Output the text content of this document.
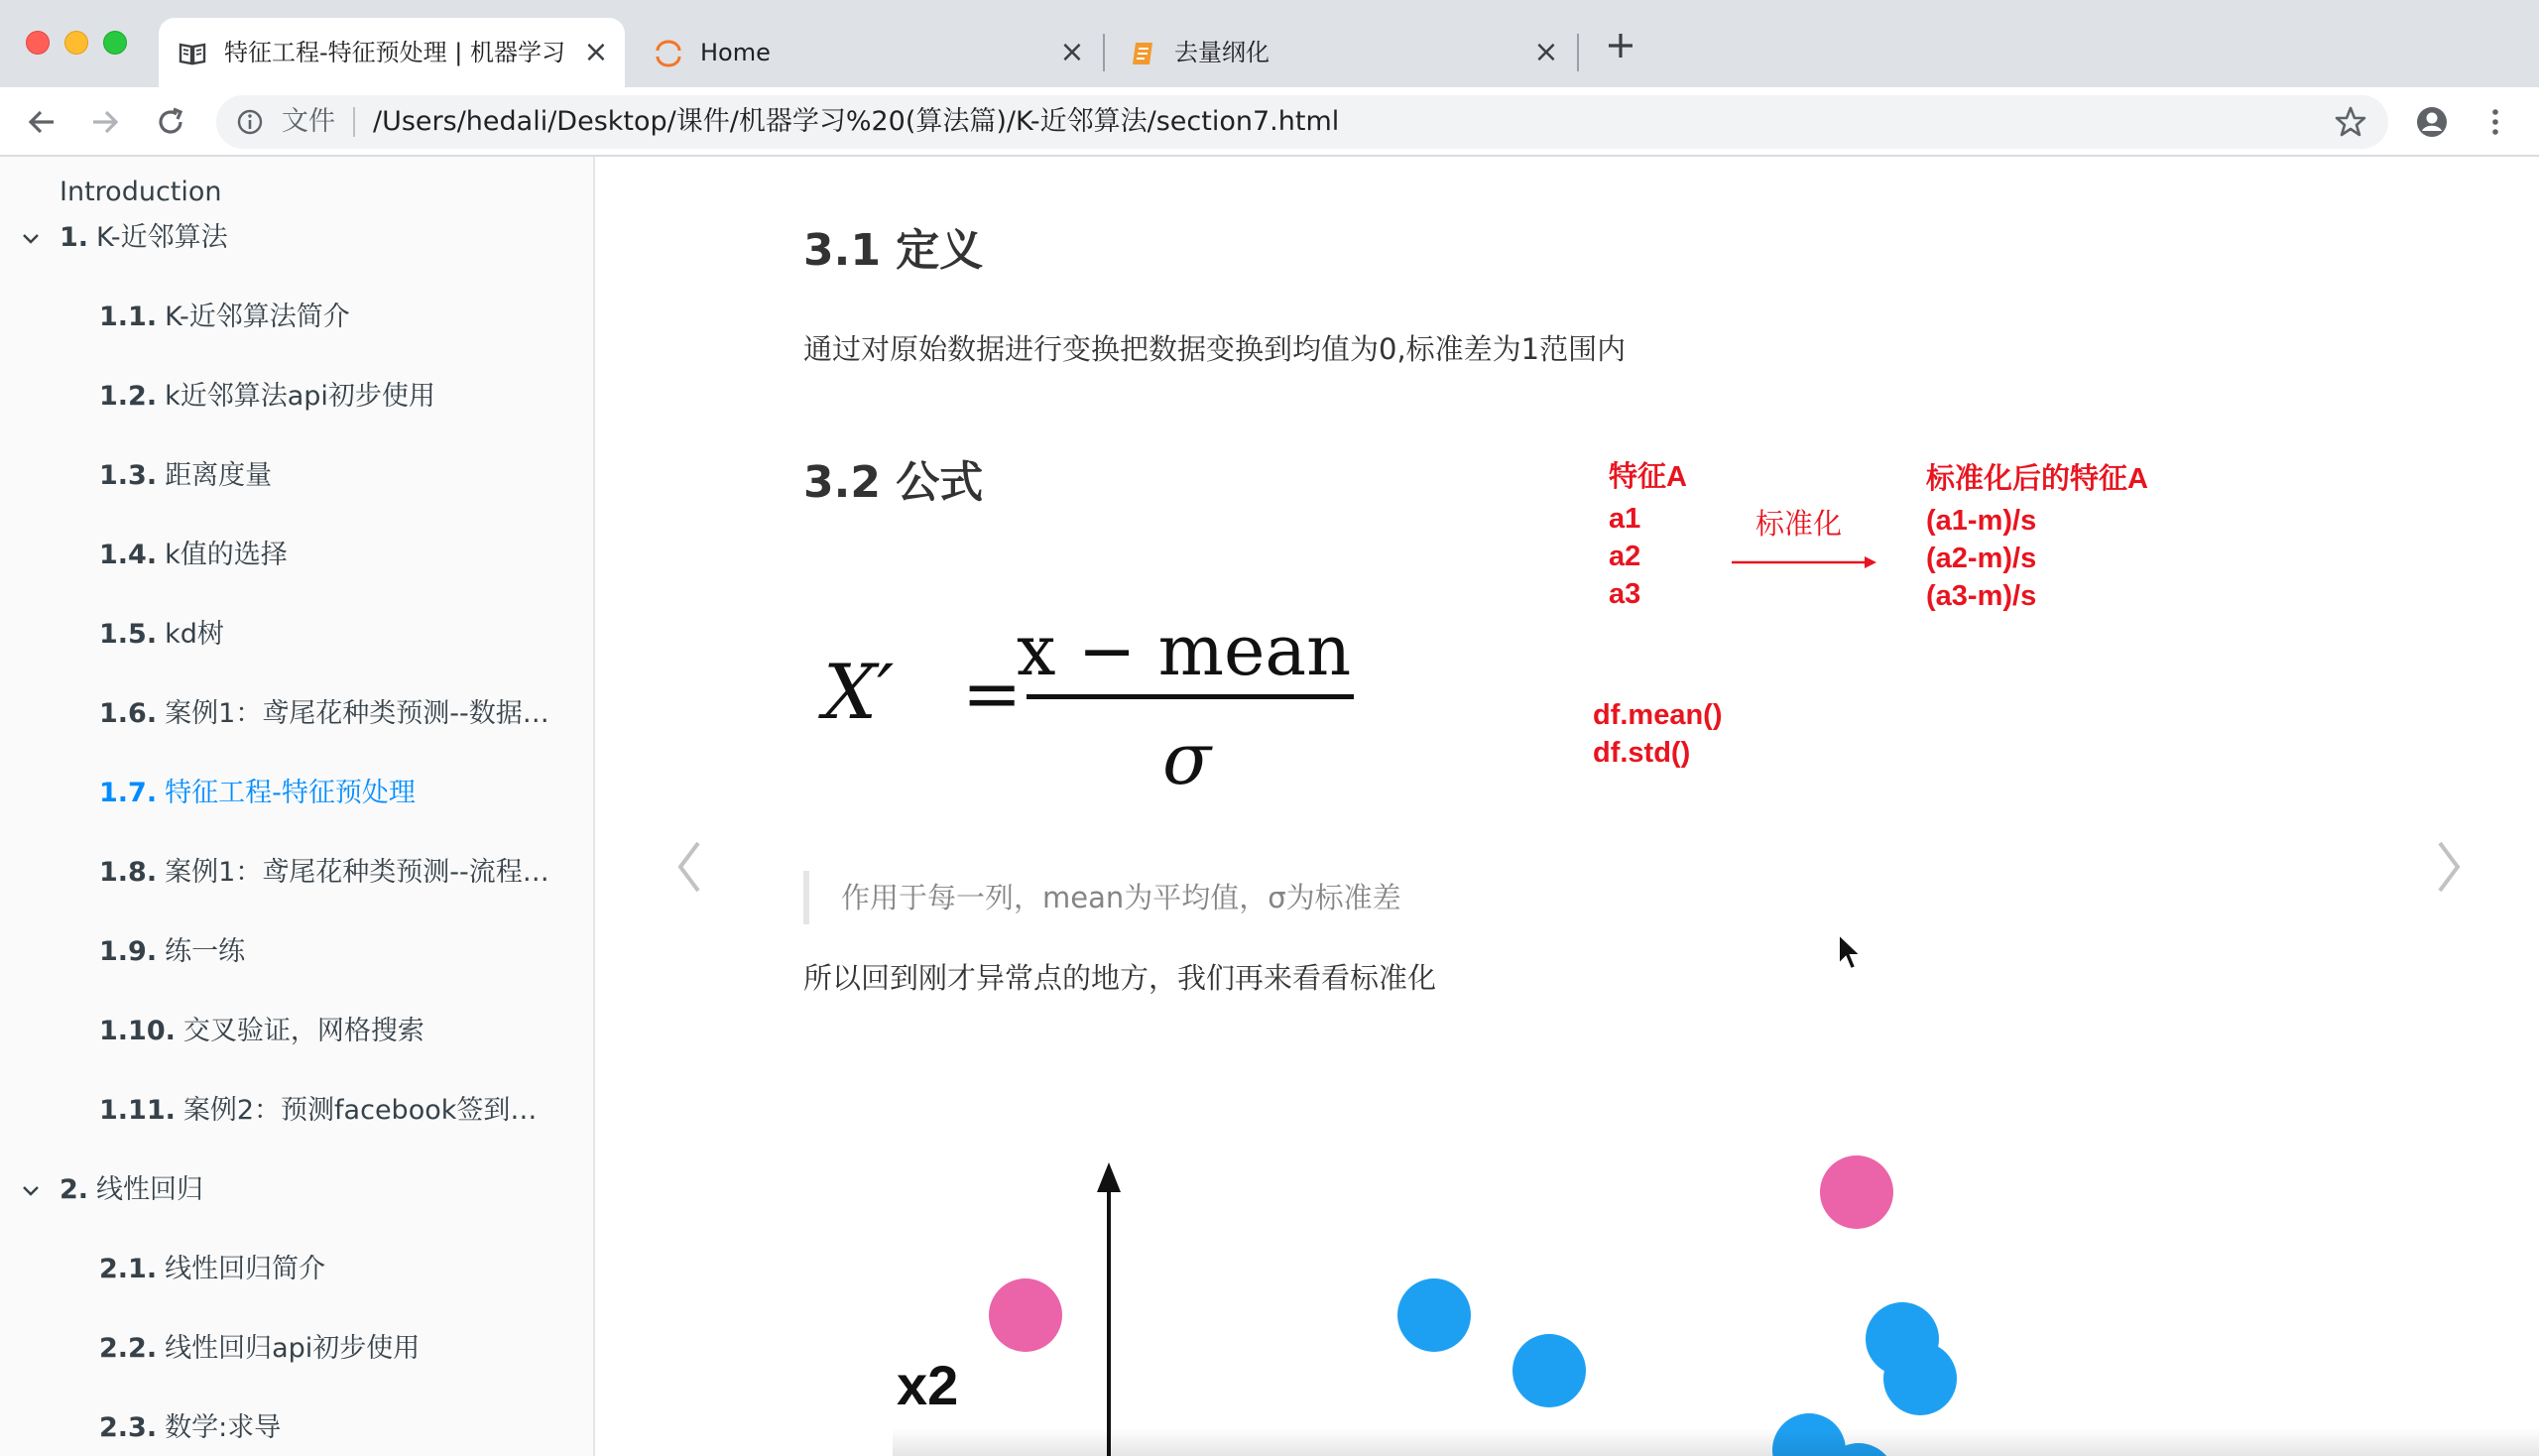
特征工程-特征预处理 | 机器学习 ×	Home	×	去量纲化	×
文件 /Users/hedali/Desktop/课件/机器学习%20(算法篇)/K-近邻算法/section7.html
Introduction
1. K-近邻算法
1.1. K-近邻算法简介
1.2. k近邻算法api初步使用
1.3. 距离度量
1.4. k值的选择
1.5. kd树
1.6. 案例1：鸢尾花种类预测--数据…
1.7. 特征工程-特征预处理
1.8. 案例1：鸢尾花种类预测--流程…
1.9. 练一练
1.10. 交叉验证，网格搜索
1.11. 案例2：预测facebook签到位置
2. 线性回归
2.1. 线性回归简介
2.2. 线性回归api初步使用
2.3. 数学:求导
3.1 定义
通过对原始数据进行变换把数据变换到均值为0,标准差为1范围内
3.2 公式
X′ =
x − mean
σ
特征A
a1
a2
a3
标准化
标准化后的特征A
(a1-m)/s
(a2-m)/s
(a3-m)/s
df.mean()
df.std()
作用于每一列，mean为平均值，σ为标准差
所以回到刚才异常点的地方，我们再来看看标准化
x2
